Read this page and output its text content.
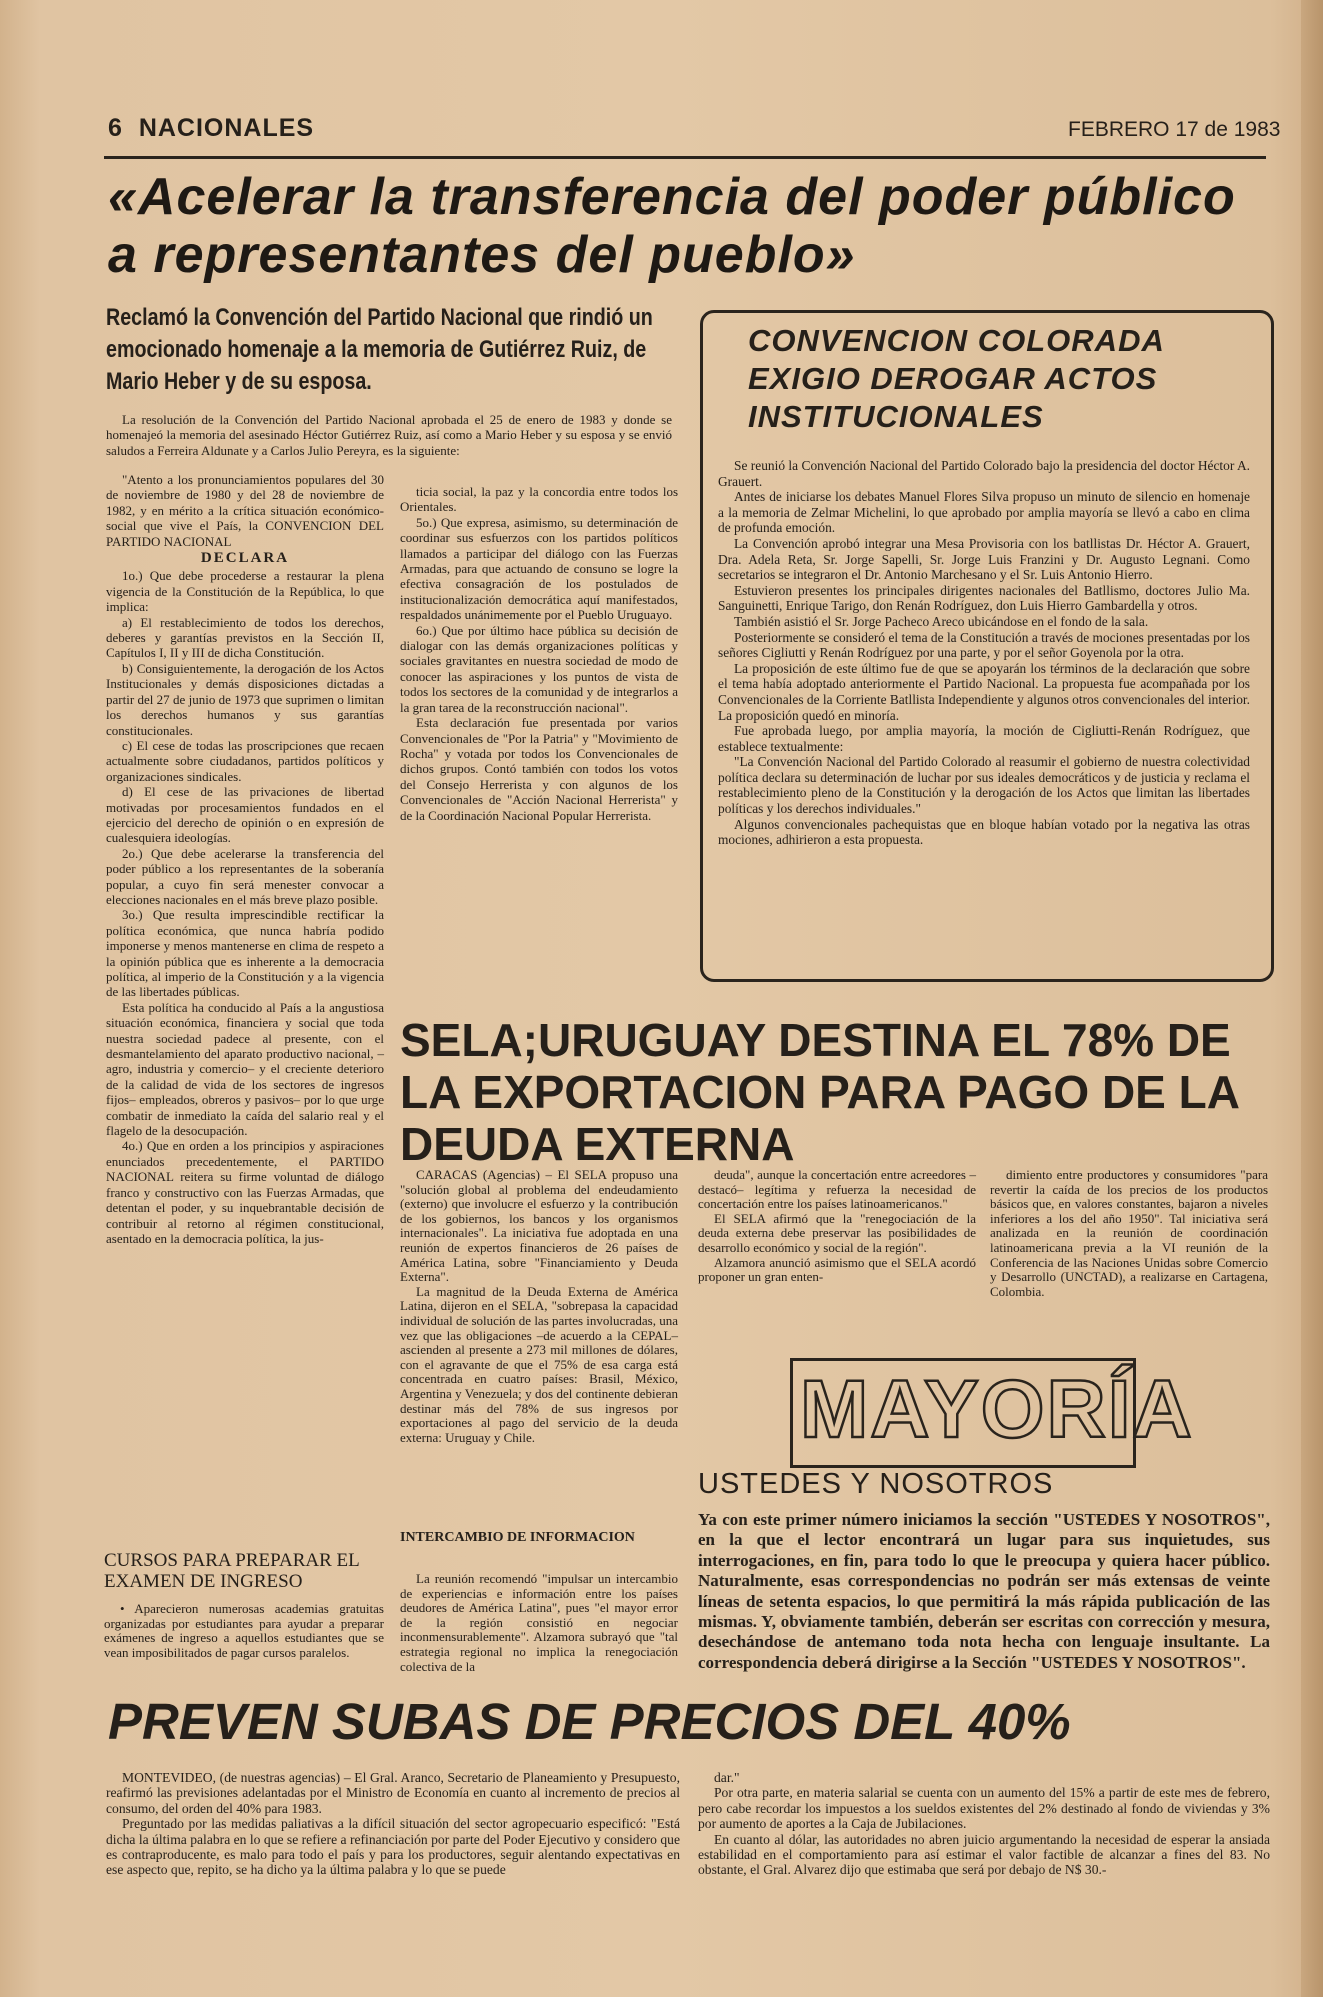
6 NACIONALES	FEBRERO 17 de 1983
«Acelerar la transferencia del poder público a representantes del pueblo»
Reclamó la Convención del Partido Nacional que rindió un emocionado homenaje a la memoria de Gutiérrez Ruiz, de Mario Heber y de su esposa.

La resolución de la Convención del Partido Nacional aprobada el 25 de enero de 1983 y donde se homenajeó la memoria del asesinado Héctor Gutiérrez Ruiz, así como a Mario Heber y su esposa y se envió saludos a Ferreira Aldunate y a Carlos Julio Pereyra, es la siguiente:

"Atento a los pronunciamientos populares del 30 de noviembre de 1980 y del 28 de noviembre de 1982, y en mérito a la crítica situación económico-social que vive el País, la CONVENCION DEL PARTIDO NACIONAL

DECLARA

1o.) Que debe procederse a restaurar la plena vigencia de la Constitución de la República, lo que implica:

a) El restablecimiento de todos los derechos, deberes y garantías previstos en la Sección II, Capítulos I, II y III de dicha Constitución.

b) Consiguientemente, la derogación de los Actos Institucionales y demás disposiciones dictadas a partir del 27 de junio de 1973 que suprimen o limitan los derechos humanos y sus garantías constitucionales.

c) El cese de todas las proscripciones que recaen actualmente sobre ciudadanos, partidos políticos y organizaciones sindicales.

d) El cese de las privaciones de libertad motivadas por procesamientos fundados en el ejercicio del derecho de opinión o en expresión de cualesquiera ideologías.

2o.) Que debe acelerarse la transferencia del poder público a los representantes de la soberanía popular, a cuyo fin será menester convocar a elecciones nacionales en el más breve plazo posible.

3o.) Que resulta imprescindible rectificar la política económica, que nunca habría podido imponerse y menos mantenerse en clima de respeto a la opinión pública que es inherente a la democracia política, al imperio de la Constitución y a la vigencia de las libertades públicas.

Esta política ha conducido al País a la angustiosa situación económica, financiera y social que toda nuestra sociedad padece al presente, con el desmantelamiento del aparato productivo nacional, –agro, industria y comercio– y el creciente deterioro de la calidad de vida de los sectores de ingresos fijos– empleados, obreros y pasivos– por lo que urge combatir de inmediato la caída del salario real y el flagelo de la desocupación.

4o.) Que en orden a los principios y aspiraciones enunciados precedentemente, el PARTIDO NACIONAL reitera su firme voluntad de diálogo franco y constructivo con las Fuerzas Armadas, que detentan el poder, y su inquebrantable decisión de contribuir al retorno al régimen constitucional, asentado en la democracia política, la jus-

ticia social, la paz y la concordia entre todos los Orientales.

5o.) Que expresa, asimismo, su determinación de coordinar sus esfuerzos con los partidos políticos llamados a participar del diálogo con las Fuerzas Armadas, para que actuando de consuno se logre la efectiva consagración de los postulados de institucionalización democrática aquí manifestados, respaldados unánimemente por el Pueblo Uruguayo.

6o.) Que por último hace pública su decisión de dialogar con las demás organizaciones políticas y sociales gravitantes en nuestra sociedad de modo de conocer las aspiraciones y los puntos de vista de todos los sectores de la comunidad y de integrarlos a la gran tarea de la reconstrucción nacional".

Esta declaración fue presentada por varios Convencionales de "Por la Patria" y "Movimiento de Rocha" y votada por todos los Convencionales de dichos grupos. Contó también con todos los votos del Consejo Herrerista y con algunos de los Convencionales de "Acción Nacional Herrerista" y de la Coordinación Nacional Popular Herrerista.

CONVENCION COLORADA EXIGIO DEROGAR ACTOS INSTITUCIONALES

Se reunió la Convención Nacional del Partido Colorado bajo la presidencia del doctor Héctor A. Grauert.

Antes de iniciarse los debates Manuel Flores Silva propuso un minuto de silencio en homenaje a la memoria de Zelmar Michelini, lo que aprobado por amplia mayoría se llevó a cabo en clima de profunda emoción.

La Convención aprobó integrar una Mesa Provisoria con los batllistas Dr. Héctor A. Grauert, Dra. Adela Reta, Sr. Jorge Sapelli, Sr. Jorge Luis Franzini y Dr. Augusto Legnani. Como secretarios se integraron el Dr. Antonio Marchesano y el Sr. Luis Antonio Hierro.

Estuvieron presentes los principales dirigentes nacionales del Batllismo, doctores Julio Ma. Sanguinetti, Enrique Tarigo, don Renán Rodríguez, don Luis Hierro Gambardella y otros.

También asistió el Sr. Jorge Pacheco Areco ubicándose en el fondo de la sala.

Posteriormente se consideró el tema de la Constitución a través de mociones presentadas por los señores Cigliutti y Renán Rodríguez por una parte, y por el señor Goyenola por la otra.

La proposición de este último fue de que se apoyarán los términos de la declaración que sobre el tema había adoptado anteriormente el Partido Nacional. La propuesta fue acompañada por los Convencionales de la Corriente Batllista Independiente y algunos otros convencionales del interior. La proposición quedó en minoría.

Fue aprobada luego, por amplia mayoría, la moción de Cigliutti-Renán Rodríguez, que establece textualmente:

"La Convención Nacional del Partido Colorado al reasumir el gobierno de nuestra colectividad política declara su determinación de luchar por sus ideales democráticos y de justicia y reclama el restablecimiento pleno de la Constitución y la derogación de los Actos que limitan las libertades políticas y los derechos individuales."

Algunos convencionales pachequistas que en bloque habían votado por la negativa las otras mociones, adhirieron a esta propuesta.

SELA;URUGUAY DESTINA EL 78% DE LA EXPORTACION PARA PAGO DE LA DEUDA EXTERNA

CARACAS (Agencias) – El SELA propuso una "solución global al problema del endeudamiento (externo) que involucre el esfuerzo y la contribución de los gobiernos, los bancos y los organismos internacionales". La iniciativa fue adoptada en una reunión de expertos financieros de 26 países de América Latina, sobre "Financiamiento y Deuda Externa".

La magnitud de la Deuda Externa de América Latina, dijeron en el SELA, "sobrepasa la capacidad individual de solución de las partes involucradas, una vez que las obligaciones –de acuerdo a la CEPAL– ascienden al presente a 273 mil millones de dólares, con el agravante de que el 75% de esa carga está concentrada en cuatro países: Brasil, México, Argentina y Venezuela; y dos del continente debieran destinar más del 78% de sus ingresos por exportaciones al pago del servicio de la deuda externa: Uruguay y Chile.

INTERCAMBIO DE INFORMACION

La reunión recomendó "impulsar un intercambio de experiencias e información entre los países deudores de América Latina", pues "el mayor error de la región consistió en negociar inconmensurablemente". Alzamora subrayó que "tal estrategia regional no implica la renegociación colectiva de la

deuda", aunque la concertación entre acreedores –destacó– legítima y refuerza la necesidad de concertación entre los países latinoamericanos."

El SELA afirmó que la "renegociación de la deuda externa debe preservar las posibilidades de desarrollo económico y social de la región".

Alzamora anunció asimismo que el SELA acordó proponer un gran enten-

dimiento entre productores y consumidores "para revertir la caída de los precios de los productos básicos que, en valores constantes, bajaron a niveles inferiores a los del año 1950". Tal iniciativa será analizada en la reunión de coordinación latinoamericana previa a la VI reunión de la Conferencia de las Naciones Unidas sobre Comercio y Desarrollo (UNCTAD), a realizarse en Cartagena, Colombia.

CURSOS PARA PREPARAR EL EXAMEN DE INGRESO

• Aparecieron numerosas academias gratuitas organizadas por estudiantes para ayudar a preparar exámenes de ingreso a aquellos estudiantes que se vean imposibilitados de pagar cursos paralelos.

MAYORÍA
USTEDES Y NOSOTROS
Ya con este primer número iniciamos la sección "USTEDES Y NOSOTROS", en la que el lector encontrará un lugar para sus inquietudes, sus interrogaciones, en fin, para todo lo que le preocupa y quiera hacer público. Naturalmente, esas correspondencias no podrán ser más extensas de veinte líneas de setenta espacios, lo que permitirá la más rápida publicación de las mismas. Y, obviamente también, deberán ser escritas con corrección y mesura, desechándose de antemano toda nota hecha con lenguaje insultante. La correspondencia deberá dirigirse a la Sección "USTEDES Y NOSOTROS".
PREVEN SUBAS DE PRECIOS DEL 40%

MONTEVIDEO, (de nuestras agencias) – El Gral. Aranco, Secretario de Planeamiento y Presupuesto, reafirmó las previsiones adelantadas por el Ministro de Economía en cuanto al incremento de precios al consumo, del orden del 40% para 1983.

Preguntado por las medidas paliativas a la difícil situación del sector agropecuario especificó: "Está dicha la última palabra en lo que se refiere a refinanciación por parte del Poder Ejecutivo y considero que es contraproducente, es malo para todo el país y para los productores, seguir alentando expectativas en ese aspecto que, repito, se ha dicho ya la última palabra y lo que se puede

dar."

Por otra parte, en materia salarial se cuenta con un aumento del 15% a partir de este mes de febrero, pero cabe recordar los impuestos a los sueldos existentes del 2% destinado al fondo de viviendas y 3% por aumento de aportes a la Caja de Jubilaciones.

En cuanto al dólar, las autoridades no abren juicio argumentando la necesidad de esperar la ansiada estabilidad en el comportamiento para así estimar el valor factible de alcanzar a fines del 83. No obstante, el Gral. Alvarez dijo que estimaba que será por debajo de N$ 30.-
